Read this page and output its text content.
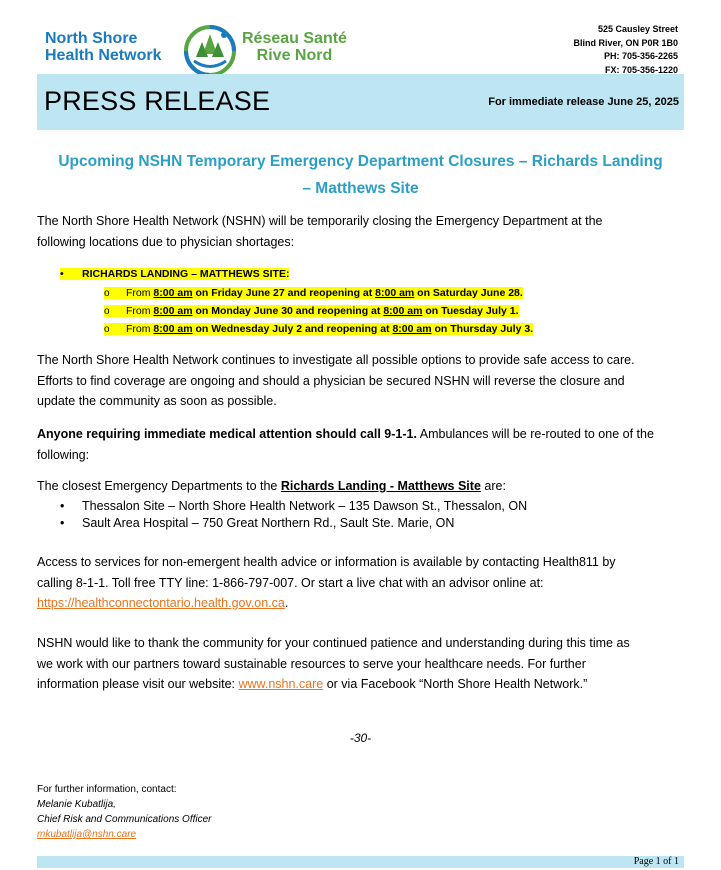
North Shore
Health Network
Réseau Santé
Rive Nord
525 Causley Street
Blind River, ON P0R 1B0
PH: 705-356-2265
FX: 705-356-1220
PRESS RELEASE	For immediate release June 25, 2025
Upcoming NSHN Temporary Emergency Department Closures – Richards Landing
– Matthews Site
The North Shore Health Network (NSHN) will be temporarily closing the Emergency Department at the
following locations due to physician shortages:
• RICHARDS LANDING – MATTHEWS SITE:
o From 8:00 am on Friday June 27 and reopening at 8:00 am on Saturday June 28.
o From 8:00 am on Monday June 30 and reopening at 8:00 am on Tuesday July 1.
o From 8:00 am on Wednesday July 2 and reopening at 8:00 am on Thursday July 3.
The North Shore Health Network continues to investigate all possible options to provide safe access to care.
Efforts to find coverage are ongoing and should a physician be secured NSHN will reverse the closure and
update the community as soon as possible.
Anyone requiring immediate medical attention should call 9-1-1. Ambulances will be re-routed to one of the
following:
The closest Emergency Departments to the Richards Landing - Matthews Site are:
• Thessalon Site – North Shore Health Network – 135 Dawson St., Thessalon, ON
• Sault Area Hospital – 750 Great Northern Rd., Sault Ste. Marie, ON
Access to services for non-emergent health advice or information is available by contacting Health811 by
calling 8-1-1. Toll free TTY line: 1-866-797-007. Or start a live chat with an advisor online at:
https://healthconnectontario.health.gov.on.ca.
NSHN would like to thank the community for your continued patience and understanding during this time as
we work with our partners toward sustainable resources to serve your healthcare needs. For further
information please visit our website: www.nshn.care or via Facebook “North Shore Health Network.”
-30-
For further information, contact:
Melanie Kubatlija,
Chief Risk and Communications Officer
mkubatlija@nshn.care
Page 1 of 1
